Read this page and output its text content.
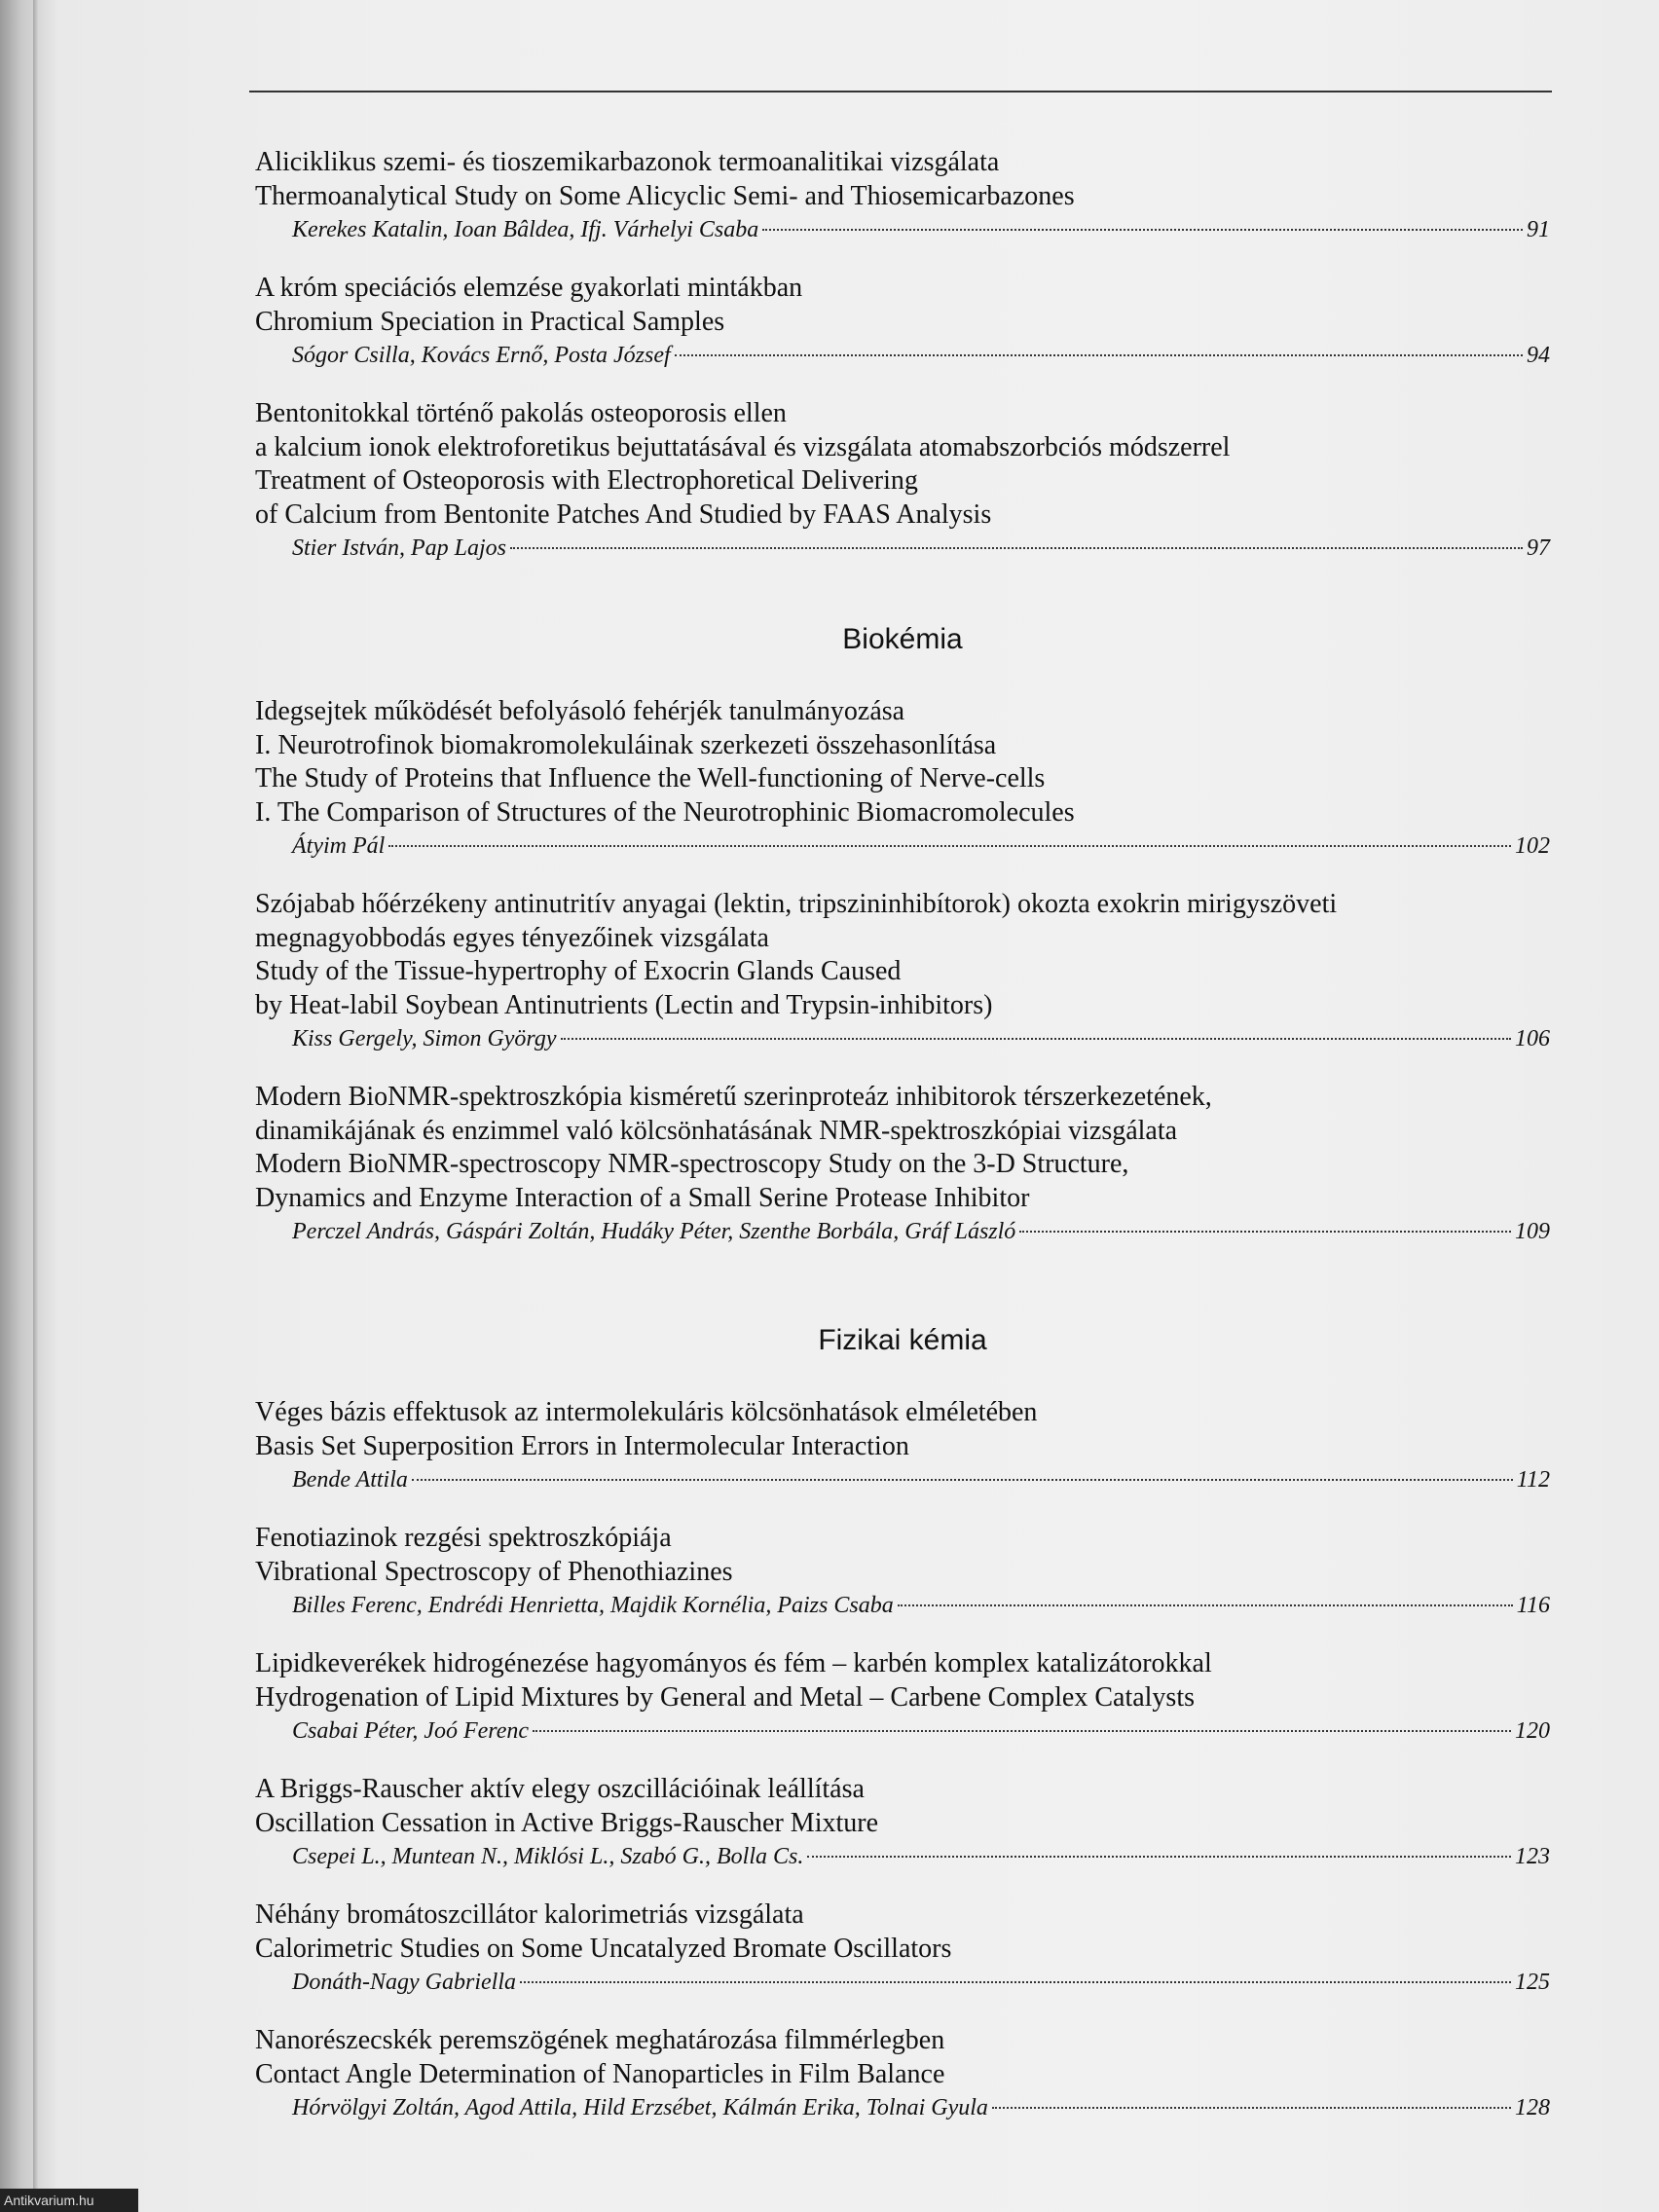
Aliciklikus szemi- és tioszemikarbazonok termoanalitikai vizsgálata
Thermoanalytical Study on Some Alicyclic Semi- and Thiosemicarbazones
Kerekes Katalin, Ioan Bâldea, Ifj. Várhelyi Csaba	91
A króm speciációs elemzése gyakorlati mintákban
Chromium Speciation in Practical Samples
Sógor Csilla, Kovács Ernő, Posta József	94
Bentonitokkal történő pakolás osteoporosis ellen
a kalcium ionok elektroforetikus bejuttatásával és vizsgálata atomabszorbciós módszerrel
Treatment of Osteoporosis with Electrophoretical Delivering
of Calcium from Bentonite Patches And Studied by FAAS Analysis
Stier István, Pap Lajos	97
Biokémia
Idegsejtek működését befolyásoló fehérjék tanulmányozása
I. Neurotrofinok biomakromolekuláinak szerkezeti összehasonlítása
The Study of Proteins that Influence the Well-functioning of Nerve-cells
I. The Comparison of Structures of the Neurotrophinic Biomacromolecules
Átyim Pál	102
Szójabab hőérzékeny antinutritív anyagai (lektin, tripszininhibítorok) okozta exokrin mirigyszöveti
megnagyobbodás egyes tényezőinek vizsgálata
Study of the Tissue-hypertrophy of Exocrin Glands Caused
by Heat-labil Soybean Antinutrients (Lectin and Trypsin-inhibitors)
Kiss Gergely, Simon György	106
Modern BioNMR-spektroszkópia kisméretű szerinproteáz inhibitorok térszerkezetének,
dinamikájának és enzimmel való kölcsönhatásának NMR-spektroszkópiai vizsgálata
Modern BioNMR-spectroscopy NMR-spectroscopy Study on the 3-D Structure,
Dynamics and Enzyme Interaction of a Small Serine Protease Inhibitor
Perczel András, Gáspári Zoltán, Hudáky Péter, Szenthe Borbála, Gráf László	109
Fizikai kémia
Véges bázis effektusok az intermolekuláris kölcsönhatások elméletében
Basis Set Superposition Errors in Intermolecular Interaction
Bende Attila	112
Fenotiazinok rezgési spektroszkópiája
Vibrational Spectroscopy of Phenothiazines
Billes Ferenc, Endrédi Henrietta, Majdik Kornélia, Paizs Csaba	116
Lipidkeverékek hidrogénezése hagyományos és fém – karbén komplex katalizátorokkal
Hydrogenation of Lipid Mixtures by General and Metal – Carbene Complex Catalysts
Csabai Péter, Joó Ferenc	120
A Briggs-Rauscher aktív elegy oszcillációinak leállítása
Oscillation Cessation in Active Briggs-Rauscher Mixture
Csepei L., Muntean N., Miklósi L., Szabó G., Bolla Cs.	123
Néhány bromátoszcillátor kalorimetriás vizsgálata
Calorimetric Studies on Some Uncatalyzed Bromate Oscillators
Donáth-Nagy Gabriella	125
Nanorészecskék peremszögének meghatározása filmmérlegben
Contact Angle Determination of Nanoparticles in Film Balance
Hórvölgyi Zoltán, Agod Attila, Hild Erzsébet, Kálmán Erika, Tolnai Gyula	128
Antikvarium.hu
